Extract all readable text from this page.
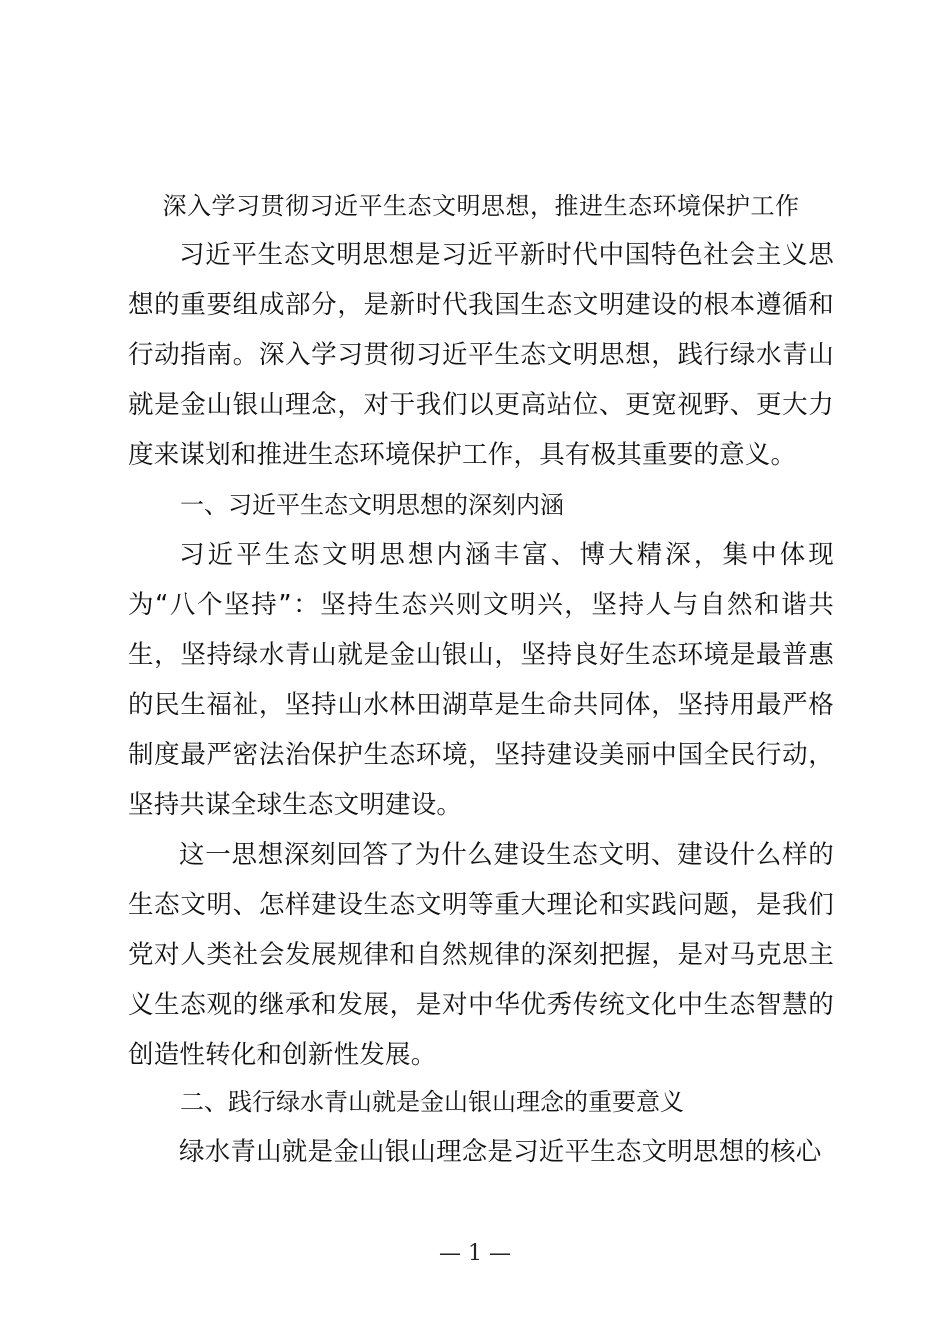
深入学习贯彻习近平生态文明思想，推进生态环境保护工作

习近平生态文明思想是习近平新时代中国特色社会主义思想的重要组成部分，是新时代我国生态文明建设的根本遵循和行动指南。深入学习贯彻习近平生态文明思想，践行绿水青山就是金山银山理念，对于我们以更高站位、更宽视野、更大力度来谋划和推进生态环境保护工作，具有极其重要的意义。

一、习近平生态文明思想的深刻内涵

习近平生态文明思想内涵丰富、博大精深，集中体现为“八个坚持”：坚持生态兴则文明兴，坚持人与自然和谐共生，坚持绿水青山就是金山银山，坚持良好生态环境是最普惠的民生福祉，坚持山水林田湖草是生命共同体，坚持用最严格制度最严密法治保护生态环境，坚持建设美丽中国全民行动，坚持共谋全球生态文明建设。

这一思想深刻回答了为什么建设生态文明、建设什么样的生态文明、怎样建设生态文明等重大理论和实践问题，是我们党对人类社会发展规律和自然规律的深刻把握，是对马克思主义生态观的继承和发展，是对中华优秀传统文化中生态智慧的创造性转化和创新性发展。

二、践行绿水青山就是金山银山理念的重要意义

绿水青山就是金山银山理念是习近平生态文明思想的核心

— 1 —
